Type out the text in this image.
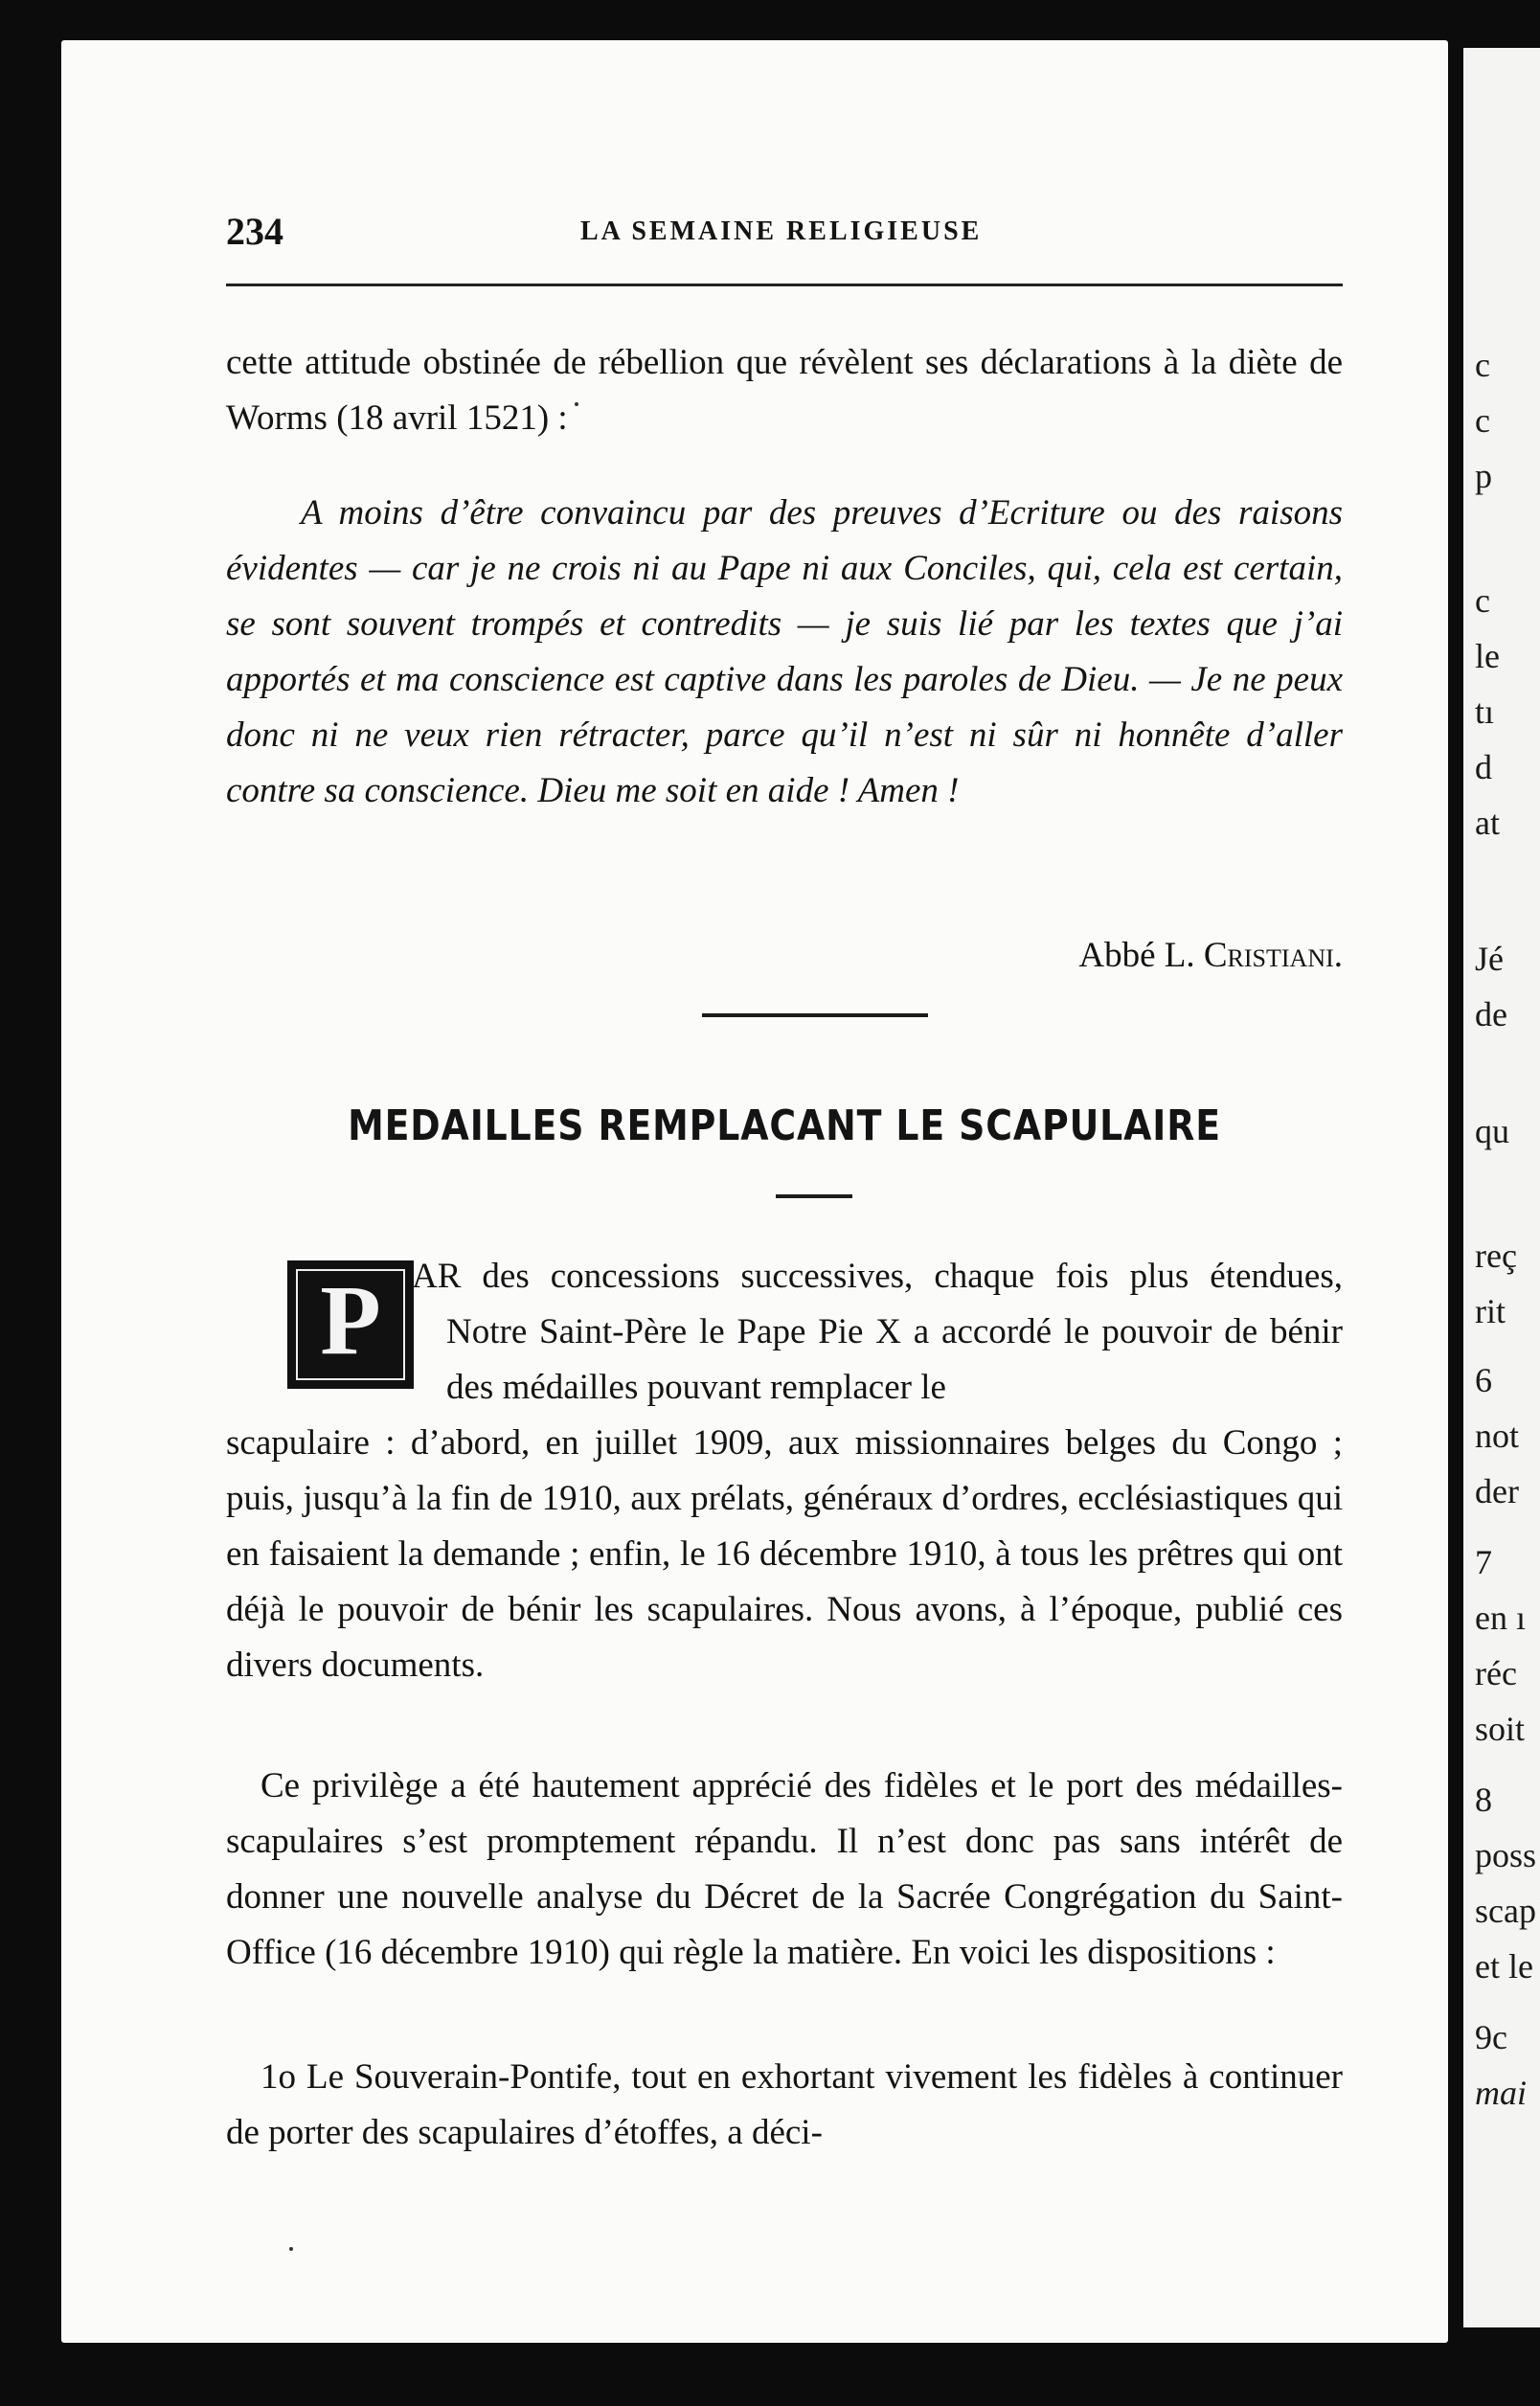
c
c
p
c
le
tı
d
at
Jé
de
qu
reç
rit
6
not
der
7
en ı
réc
soit
8
poss
scap
et le
9c
mai
234	LA SEMAINE RELIGIEUSE
cette attitude obstinée de rébellion que révèlent ses déclarations à la diète de Worms (18 avril 1521) :
A moins d’être convaincu par des preuves d’Ecriture ou des raisons évidentes — car je ne crois ni au Pape ni aux Conciles, qui, cela est certain, se sont souvent trompés et contredits — je suis lié par les textes que j’ai apportés et ma conscience est captive dans les paroles de Dieu. — Je ne peux donc ni ne veux rien rétracter, parce qu’il n’est ni sûr ni honnête d’aller contre sa conscience. Dieu me soit en aide ! Amen !
Abbé L. Cristiani.
MEDAILLES REMPLACANT LE SCAPULAIRE
P AR des concessions successives, chaque fois plus étendues, Notre Saint-Père le Pape Pie X a accordé le pouvoir de bénir des médailles pouvant remplacer le
scapulaire : d’abord, en juillet 1909, aux missionnaires belges du Congo ; puis, jusqu’à la fin de 1910, aux prélats, généraux d’ordres, ecclésiastiques qui en faisaient la demande ; enfin, le 16 décembre 1910, à tous les prêtres qui ont déjà le pouvoir de bénir les scapulaires. Nous avons, à l’époque, publié ces divers documents.
Ce privilège a été hautement apprécié des fidèles et le port des médailles-scapulaires s’est promptement répandu. Il n’est donc pas sans intérêt de donner une nouvelle analyse du Décret de la Sacrée Congrégation du Saint-Office (16 décembre 1910) qui règle la matière. En voici les dispositions :
1o Le Souverain-Pontife, tout en exhortant vivement les fidèles à continuer de porter des scapulaires d’étoffes, a déci-
